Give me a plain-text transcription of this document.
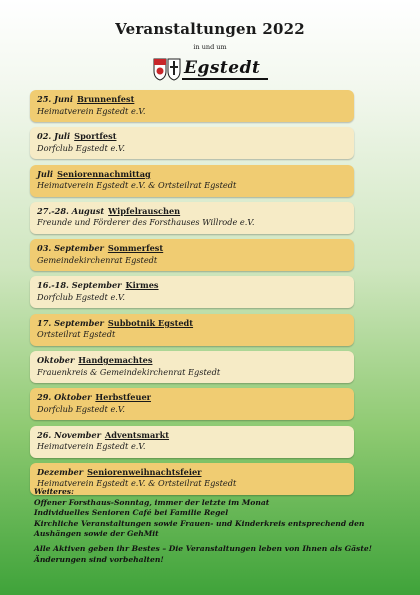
Veranstaltungen 2022
in und um
Egstedt
25. Juni Brunnenfest
Heimatverein Egstedt e.V.
02. Juli Sportfest
Dorfclub Egstedt e.V.
Juli Seniorennachmittag
Heimatverein Egstedt e.V. & Ortsteilrat Egstedt
27.-28. August Wipfelrauschen
Freunde und Förderer des Forsthauses Willrode e.V.
03. September Sommerfest
Gemeindekirchenrat Egstedt
16.-18. September Kirmes
Dorfclub Egstedt e.V.
17. September Subbotnik Egstedt
Ortsteilrat Egstedt
Oktober Handgemachtes
Frauenkreis & Gemeindekirchenrat Egstedt
29. Oktober Herbstfeuer
Dorfclub Egstedt e.V.
26. November Adventsmarkt
Heimatverein Egstedt e.V.
Dezember Seniorenweihnachtsfeier
Heimatverein Egstedt e.V. & Ortsteilrat Egstedt
Weiteres:
Offener Forsthaus-Sonntag, immer der letzte im Monat
Individuelles Senioren Café bei Familie Regel
Kirchliche Veranstaltungen sowie Frauen- und Kinderkreis entsprechend den Aushängen sowie der GehMit
Alle Aktiven geben ihr Bestes – Die Veranstaltungen leben von Ihnen als Gäste!
Änderungen sind vorbehalten!
